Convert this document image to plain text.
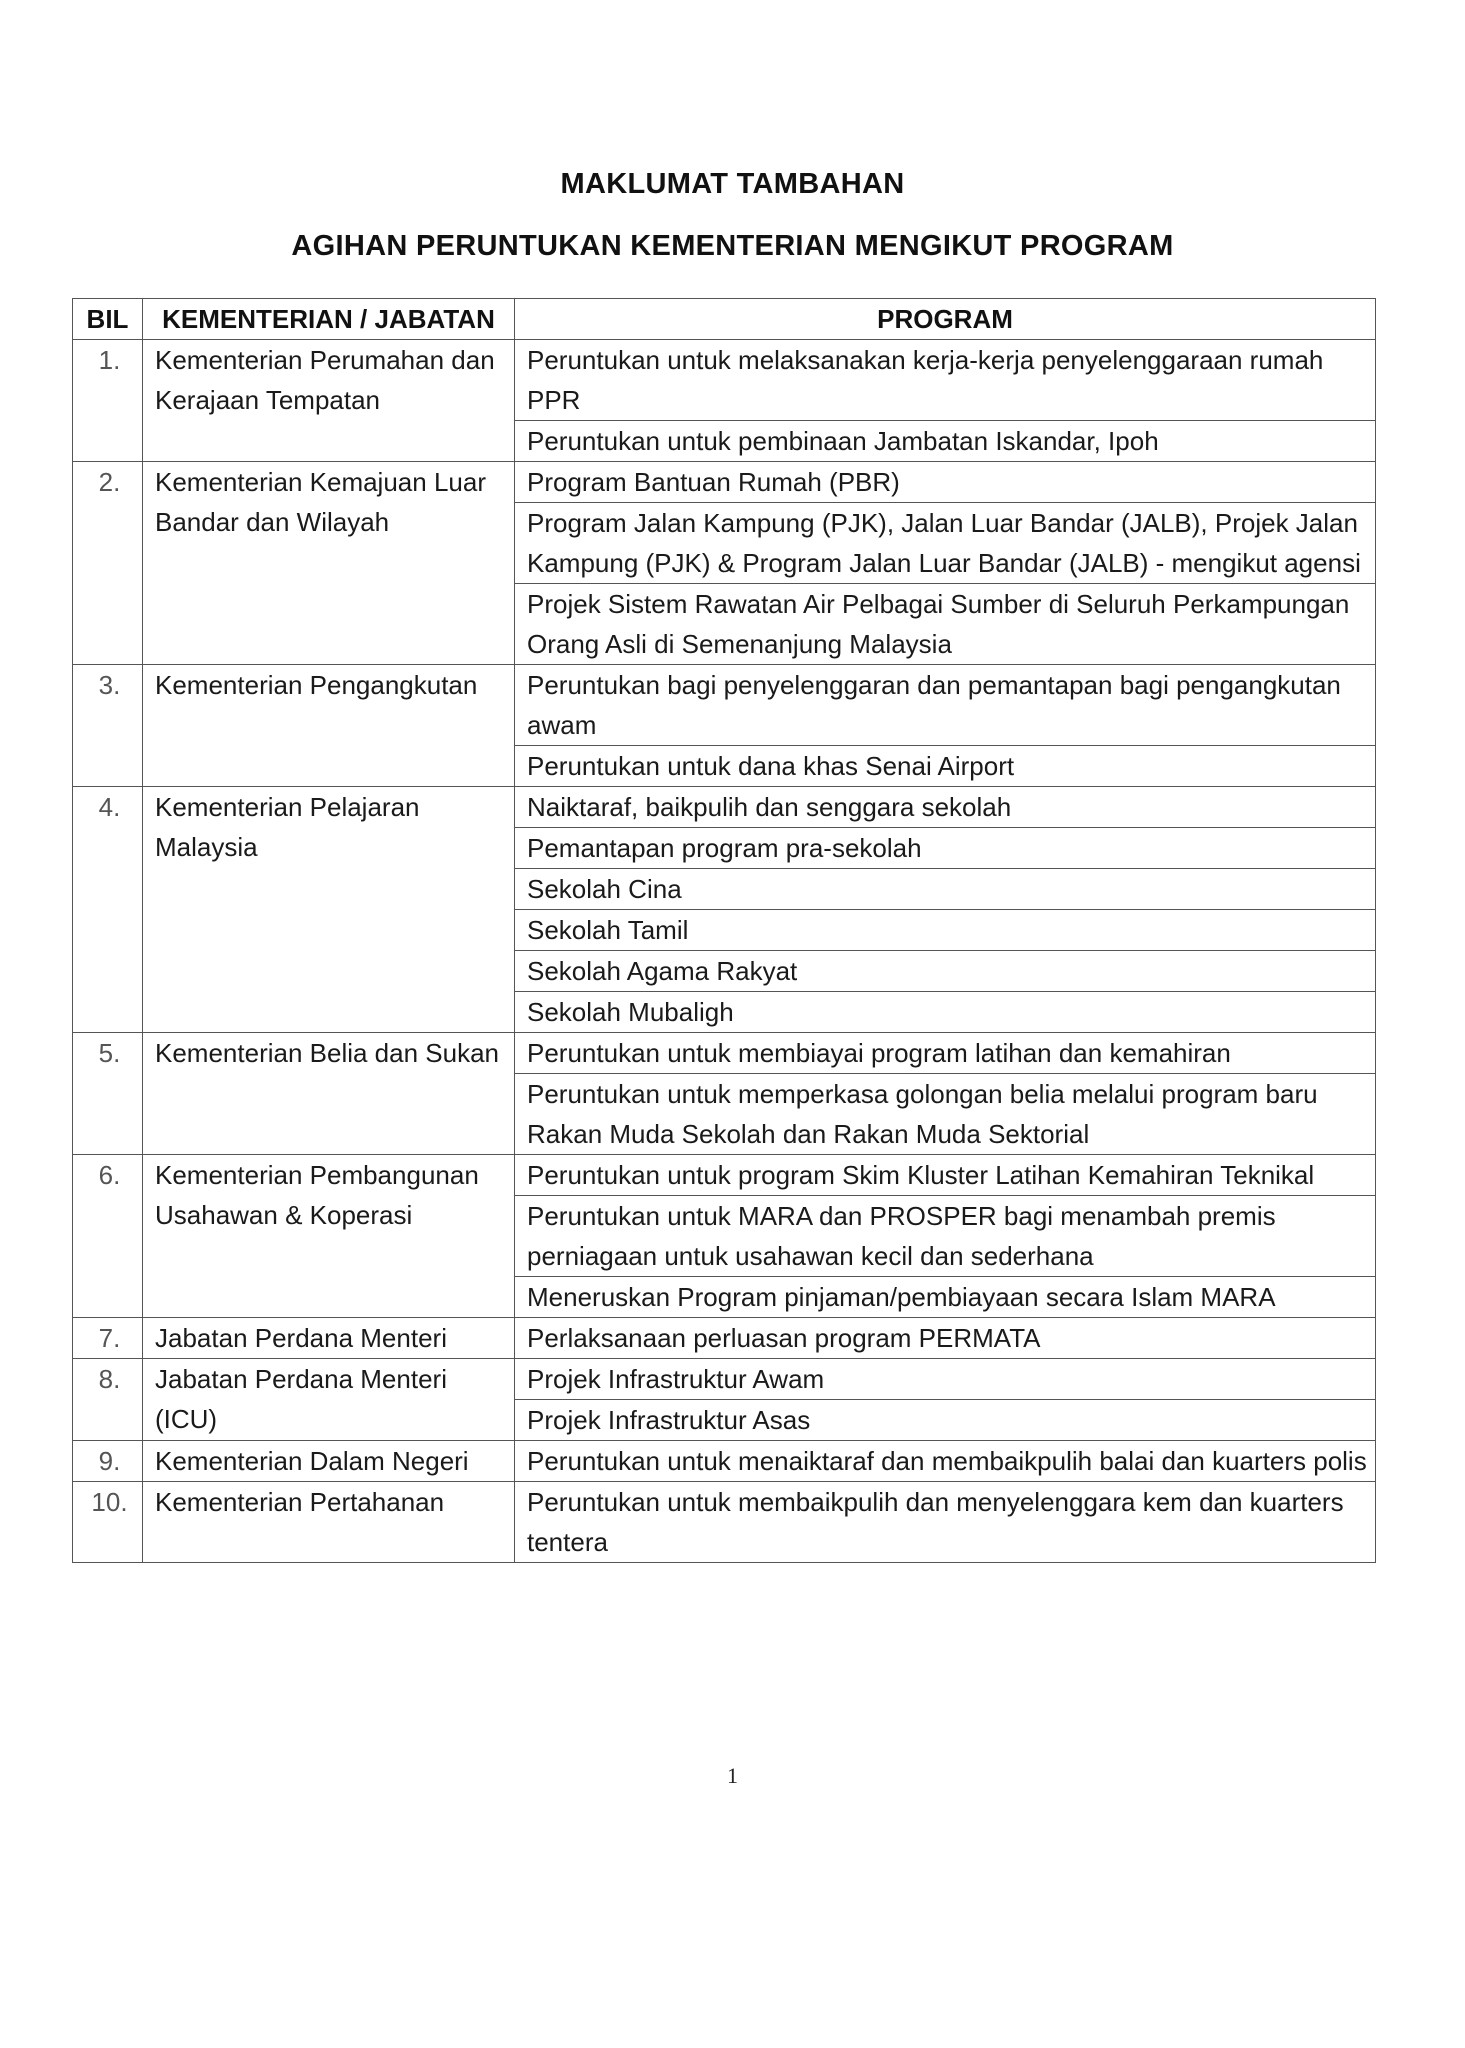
MAKLUMAT TAMBAHAN
AGIHAN PERUNTUKAN KEMENTERIAN MENGIKUT PROGRAM
BIL	KEMENTERIAN / JABATAN	PROGRAM
1.	Kementerian Perumahan dan Kerajaan Tempatan	Peruntukan untuk melaksanakan kerja-kerja penyelenggaraan rumah PPR
		Peruntukan untuk pembinaan Jambatan Iskandar, Ipoh
2.	Kementerian Kemajuan Luar Bandar dan Wilayah	Program Bantuan Rumah (PBR)
		Program Jalan Kampung (PJK), Jalan Luar Bandar (JALB), Projek Jalan Kampung (PJK) & Program Jalan Luar Bandar (JALB) - mengikut agensi
		Projek Sistem Rawatan Air Pelbagai Sumber di Seluruh Perkampungan Orang Asli di Semenanjung Malaysia
3.	Kementerian Pengangkutan	Peruntukan bagi penyelenggaran dan pemantapan bagi pengangkutan awam
		Peruntukan untuk dana khas Senai Airport
4.	Kementerian Pelajaran Malaysia	Naiktaraf, baikpulih dan senggara sekolah
		Pemantapan program pra-sekolah
		Sekolah Cina
		Sekolah Tamil
		Sekolah Agama Rakyat
		Sekolah Mubaligh
5.	Kementerian Belia dan Sukan	Peruntukan untuk membiayai program latihan dan kemahiran
		Peruntukan untuk memperkasa golongan belia melalui program baru Rakan Muda Sekolah dan Rakan Muda Sektorial
6.	Kementerian Pembangunan Usahawan & Koperasi	Peruntukan untuk program Skim Kluster Latihan Kemahiran Teknikal
		Peruntukan untuk MARA dan PROSPER bagi menambah premis perniagaan untuk usahawan kecil dan sederhana
		Meneruskan Program pinjaman/pembiayaan secara Islam MARA
7.	Jabatan Perdana Menteri	Perlaksanaan perluasan program PERMATA
8.	Jabatan Perdana Menteri (ICU)	Projek Infrastruktur Awam
		Projek Infrastruktur Asas
9.	Kementerian Dalam Negeri	Peruntukan untuk menaiktaraf dan membaikpulih balai dan kuarters polis
10.	Kementerian Pertahanan	Peruntukan untuk membaikpulih dan menyelenggara kem dan kuarters tentera
1
